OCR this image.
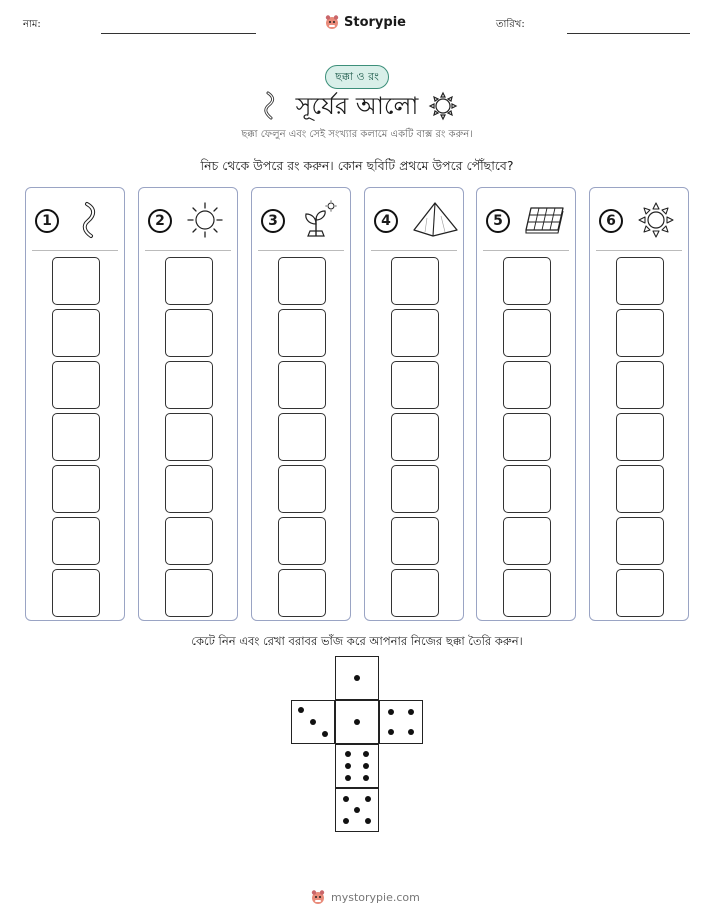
নাম:	Storypie	তারিখ:
ছক্কা ও রং
সূর্যের আলো
ছক্কা ফেলুন এবং সেই সংখ্যার কলামে একটি বাক্স রং করুন।
নিচ থেকে উপরে রং করুন। কোন ছবিটি প্রথমে উপরে পৌঁছাবে?
1	2	3	4	5	6
কেটে নিন এবং রেখা বরাবর ভাঁজ করে আপনার নিজের ছক্কা তৈরি করুন।
mystorypie.com
